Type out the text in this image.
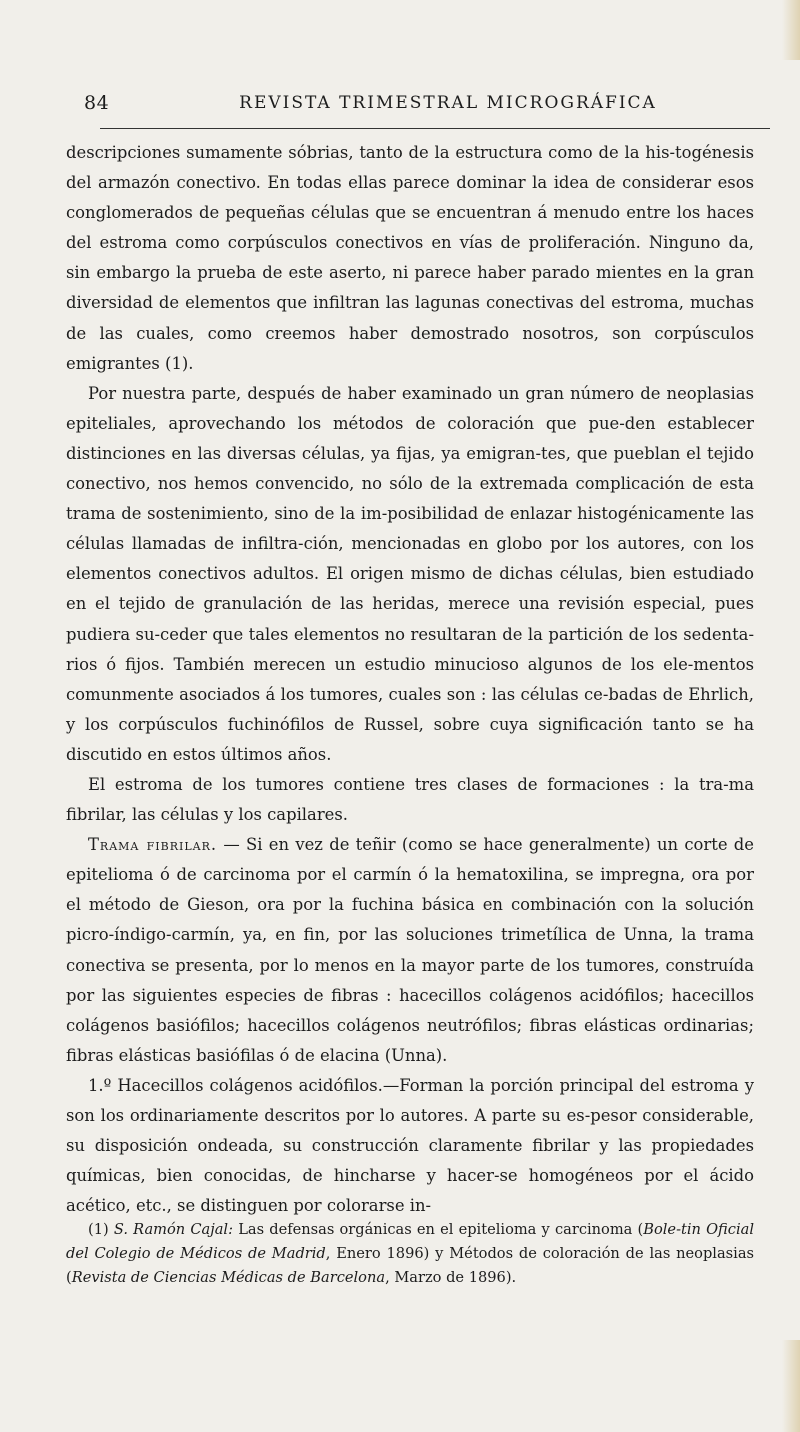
84	REVISTA TRIMESTRAL MICROGRÁFICA

descripciones sumamente sóbrias, tanto de la estructura como de la his-togénesis del armazón conectivo. En todas ellas parece dominar la idea de considerar esos conglomerados de pequeñas células que se encuentran á menudo entre los haces del estroma como corpúsculos conectivos en vías de proliferación. Ninguno da, sin embargo la prueba de este aserto, ni parece haber parado mientes en la gran diversidad de elementos que infiltran las lagunas conectivas del estroma, muchas de las cuales, como creemos haber demostrado nosotros, son corpúsculos emigrantes (1).

Por nuestra parte, después de haber examinado un gran número de neoplasias epiteliales, aprovechando los métodos de coloración que pue-den establecer distinciones en las diversas células, ya fijas, ya emigran-tes, que pueblan el tejido conectivo, nos hemos convencido, no sólo de la extremada complicación de esta trama de sostenimiento, sino de la im-posibilidad de enlazar histogénicamente las células llamadas de infiltra-ción, mencionadas en globo por los autores, con los elementos conectivos adultos. El origen mismo de dichas células, bien estudiado en el tejido de granulación de las heridas, merece una revisión especial, pues pudiera su-ceder que tales elementos no resultaran de la partición de los sedenta-rios ó fijos. También merecen un estudio minucioso algunos de los ele-mentos comunmente asociados á los tumores, cuales son : las células ce-badas de Ehrlich, y los corpúsculos fuchinófilos de Russel, sobre cuya significación tanto se ha discutido en estos últimos años.

El estroma de los tumores contiene tres clases de formaciones : la tra-ma fibrilar, las células y los capilares.

Trama fibrilar. — Si en vez de teñir (como se hace generalmente) un corte de epitelioma ó de carcinoma por el carmín ó la hematoxilina, se impregna, ora por el método de Gieson, ora por la fuchina básica en combinación con la solución picro-índigo-carmín, ya, en fin, por las soluciones trimetílica de Unna, la trama conectiva se presenta, por lo menos en la mayor parte de los tumores, construída por las siguientes especies de fibras : hacecillos colágenos acidófilos; hacecillos colágenos basiófilos; hacecillos colágenos neutrófilos; fibras elásticas ordinarias; fibras elásticas basiófilas ó de elacina (Unna).

1.º Hacecillos colágenos acidófilos.—Forman la porción principal del estroma y son los ordinariamente descritos por lo autores. A parte su es-pesor considerable, su disposición ondeada, su construcción claramente fibrilar y las propiedades químicas, bien conocidas, de hincharse y hacer-se homogéneos por el ácido acético, etc., se distinguen por colorarse in-

(1) S. Ramón Cajal: Las defensas orgánicas en el epitelioma y carcinoma (Bole-tin Oficial del Colegio de Médicos de Madrid, Enero 1896) y Métodos de coloración de las neoplasias (Revista de Ciencias Médicas de Barcelona, Marzo de 1896).
